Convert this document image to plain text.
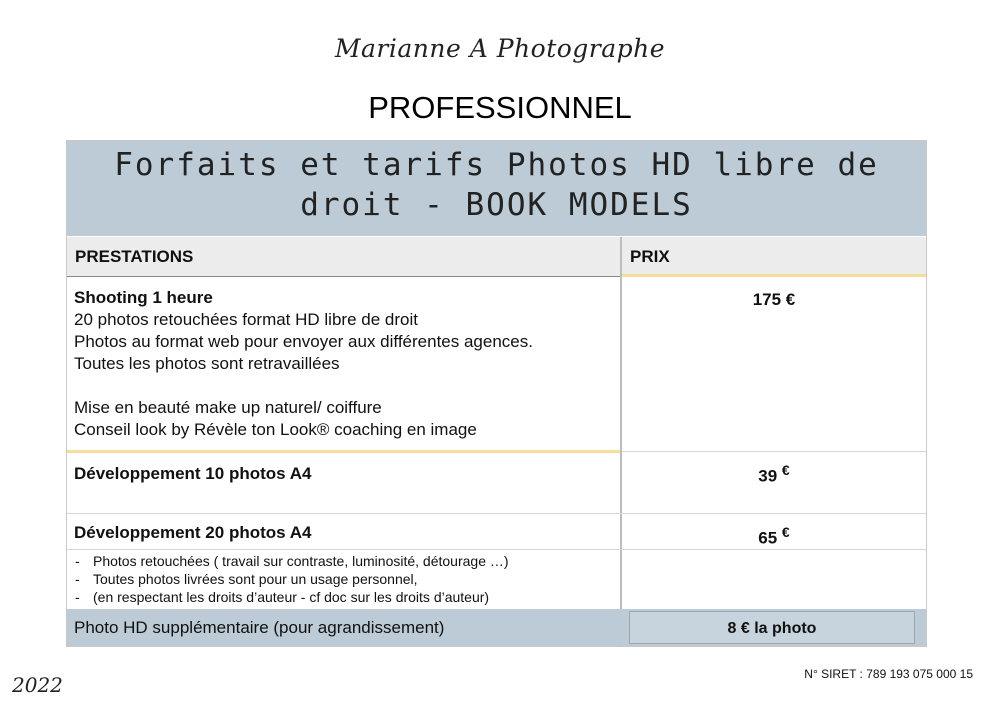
Marianne A Photographe
PROFESSIONNEL
Forfaits et tarifs Photos HD libre de
droit - BOOK MODELS
PRESTATIONS	PRIX
Shooting 1 heure
20 photos retouchées format HD libre de droit
Photos au format web pour envoyer aux différentes agences.
Toutes les photos sont retravaillées
Mise en beauté make up naturel/ coiffure
Conseil look by Révèle ton Look® coaching en image
175 €
Développement 10 photos A4	39 €
Développement 20 photos A4	65 €
- Photos retouchées ( travail sur contraste, luminosité, détourage …)
- Toutes photos livrées sont pour un usage personnel,
- (en respectant les droits d’auteur - cf doc sur les droits d’auteur)
Photo HD supplémentaire (pour agrandissement)	8 € la photo
2022	N° SIRET : 789 193 075 000 15
